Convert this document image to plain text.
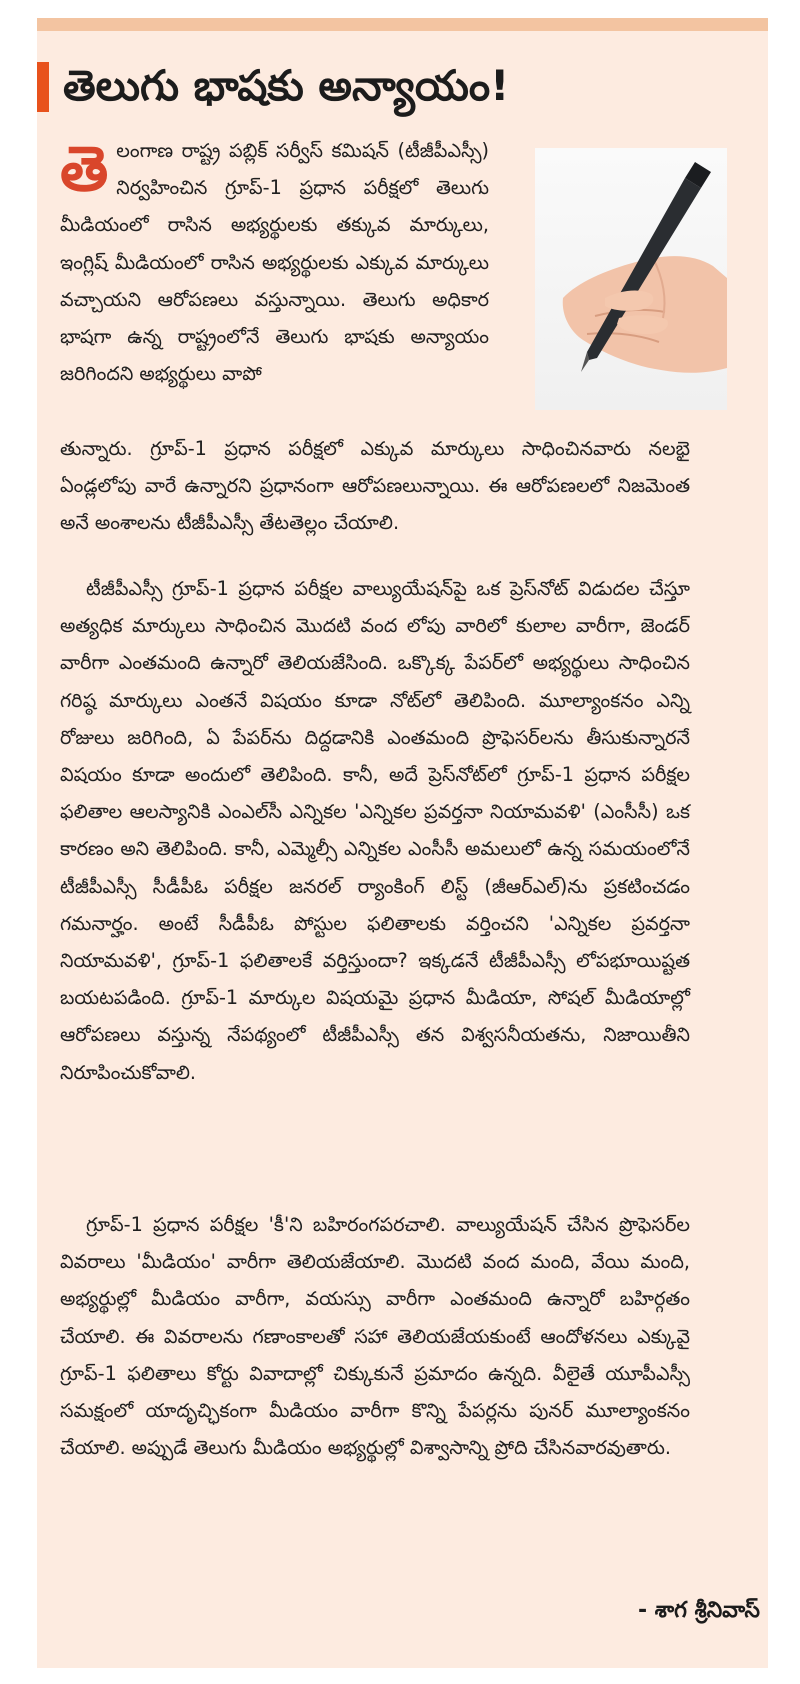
తెలుగు భాషకు అన్యాయం!

తెలంగాణ రాష్ట్ర పబ్లిక్ సర్వీస్ కమిషన్ (టీజీపీఎస్సీ) నిర్వహించిన గ్రూప్-1 ప్రధాన పరీక్షలో తెలుగు మీడియంలో రాసిన అభ్యర్థులకు తక్కువ మార్కులు, ఇంగ్లిష్ మీడియంలో రాసిన అభ్యర్థులకు ఎక్కువ మార్కులు వచ్చాయని ఆరోపణలు వస్తున్నాయి. తెలుగు అధికార భాషగా ఉన్న రాష్ట్రంలోనే తెలుగు భాషకు అన్యాయం జరిగిందని అభ్యర్థులు వాపో

తున్నారు. గ్రూప్-1 ప్రధాన పరీక్షలో ఎక్కువ మార్కులు సాధించినవారు నలభై ఏండ్లలోపు వారే ఉన్నారని ప్రధానంగా ఆరోపణలున్నాయి. ఈ ఆరోపణలలో నిజమెంత అనే అంశాలను టీజీపీఎస్సీ తేటతెల్లం చేయాలి.

టీజీపీఎస్సీ గ్రూప్-1 ప్రధాన పరీక్షల వాల్యుయేషన్‌పై ఒక ప్రెస్‌నోట్ విడుదల చేస్తూ అత్యధిక మార్కులు సాధించిన మొదటి వంద లోపు వారిలో కులాల వారీగా, జెండర్ వారీగా ఎంతమంది ఉన్నారో తెలియజేసింది. ఒక్కొక్క పేపర్‌లో అభ్యర్థులు సాధించిన గరిష్ఠ మార్కులు ఎంతనే విషయం కూడా నోట్‌లో తెలిపింది. మూల్యాంకనం ఎన్ని రోజులు జరిగింది, ఏ పేపర్‌ను దిద్దడానికి ఎంతమంది ప్రొఫెసర్‌లను తీసుకున్నారనే విషయం కూడా అందులో తెలిపింది. కానీ, అదే ప్రెస్‌నోట్‌లో గ్రూప్-1 ప్రధాన పరీక్షల ఫలితాల ఆలస్యానికి ఎంఎల్‌సీ ఎన్నికల 'ఎన్నికల ప్రవర్తనా నియామవళి' (ఎంసీసీ) ఒక కారణం అని తెలిపింది. కానీ, ఎమ్మెల్సీ ఎన్నికల ఎంసీసీ అమలులో ఉన్న సమయంలోనే టీజీపీఎస్సీ సీడీపీఓ పరీక్షల జనరల్ ర్యాంకింగ్ లిస్ట్ (జీఆర్‌ఎల్)ను ప్రకటించడం గమనార్హం. అంటే సీడీపీఓ పోస్టుల ఫలితాలకు వర్తించని 'ఎన్నికల ప్రవర్తనా నియామవళి', గ్రూప్-1 ఫలితాలకే వర్తిస్తుందా? ఇక్కడనే టీజీపీఎస్సీ లోపభూయిష్టత బయటపడింది. గ్రూప్-1 మార్కుల విషయమై ప్రధాన మీడియా, సోషల్ మీడియాల్లో ఆరోపణలు వస్తున్న నేపథ్యంలో టీజీపీఎస్సీ తన విశ్వసనీయతను, నిజాయితీని నిరూపించుకోవాలి.

గ్రూప్-1 ప్రధాన పరీక్షల 'కీ'ని బహిరంగపరచాలి. వాల్యుయేషన్ చేసిన ప్రొఫెసర్‌ల వివరాలు 'మీడియం' వారీగా తెలియజేయాలి. మొదటి వంద మంది, వేయి మంది, అభ్యర్థుల్లో మీడియం వారీగా, వయస్సు వారీగా ఎంతమంది ఉన్నారో బహిర్గతం చేయాలి. ఈ వివరాలను గణాంకాలతో సహా తెలియజేయకుంటే ఆందోళనలు ఎక్కువై గ్రూప్-1 ఫలితాలు కోర్టు వివాదాల్లో చిక్కుకునే ప్రమాదం ఉన్నది. వీలైతే యూపీఎస్సీ సమక్షంలో యాదృచ్ఛికంగా మీడియం వారీగా కొన్ని పేపర్లను పునర్ మూల్యాంకనం చేయాలి. అప్పుడే తెలుగు మీడియం అభ్యర్థుల్లో విశ్వాసాన్ని ప్రోది చేసినవారవుతారు.

- శాగ శ్రీనివాస్
